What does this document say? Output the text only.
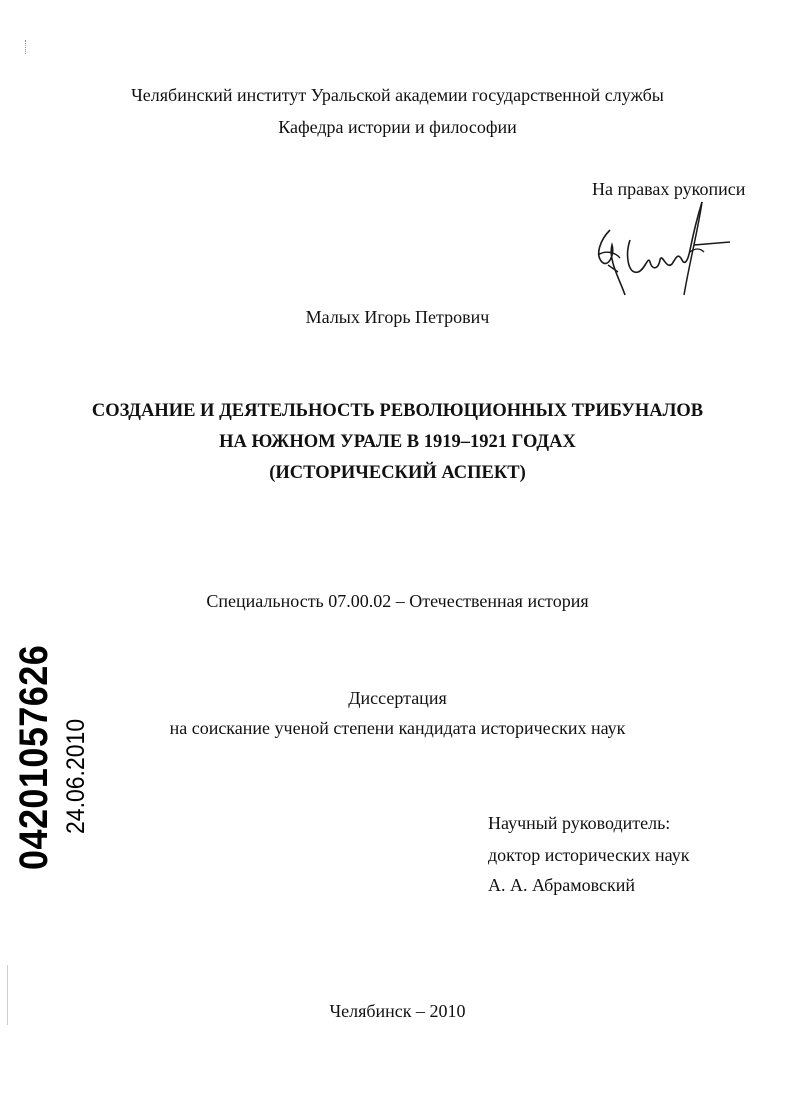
Челябинский институт Уральской академии государственной службы
Кафедра истории и философии
На правах рукописи
Малых Игорь Петрович
СОЗДАНИЕ И ДЕЯТЕЛЬНОСТЬ РЕВОЛЮЦИОННЫХ ТРИБУНАЛОВ
НА ЮЖНОМ УРАЛЕ В 1919–1921 ГОДАХ
(ИСТОРИЧЕСКИЙ АСПЕКТ)
Специальность 07.00.02 – Отечественная история
Диссертация
на соискание ученой степени кандидата исторических наук
Научный руководитель:
доктор исторических наук
А. А. Абрамовский
Челябинск – 2010
04201057626 24.06.2010
